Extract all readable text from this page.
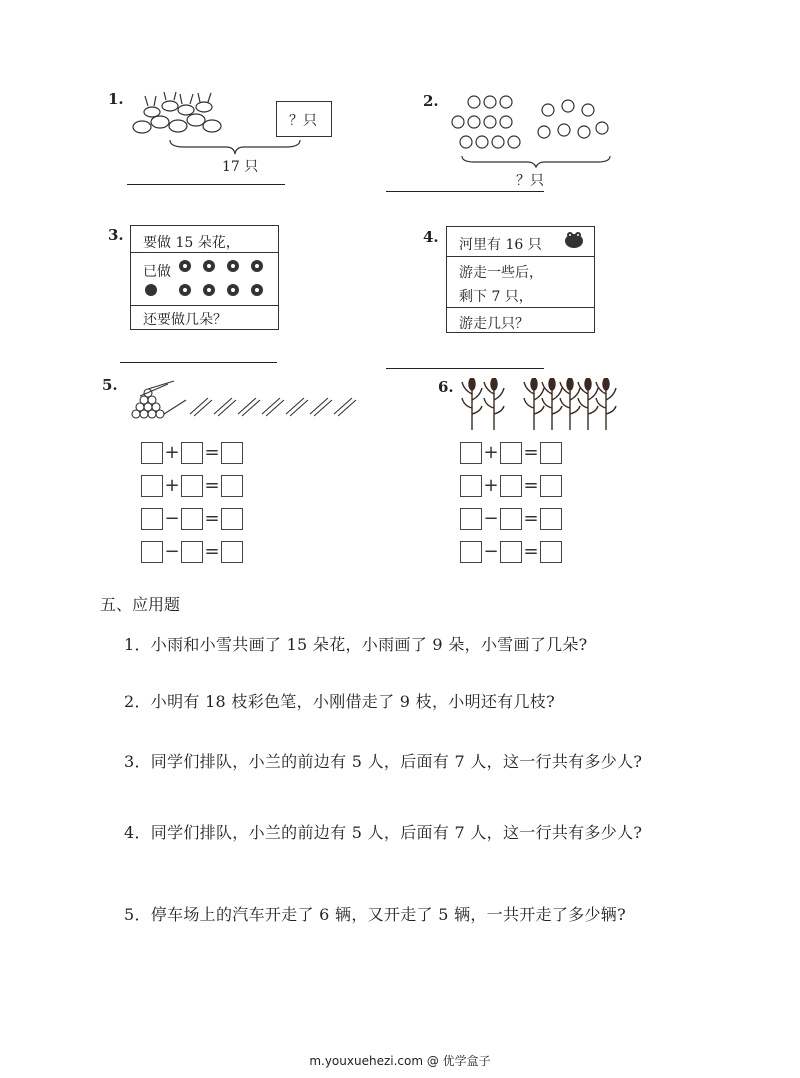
1.
？只
17 只
2.
？只
3. 要做 15 朵花，
已做
还要做几朵？
4. 河里有 16 只
游走一些后，
剩下 7 只，
游走几只？
5.
+ =
+ =
− =
− =
6.
+ =
+ =
− =
− =
五、应用题
1．小雨和小雪共画了 15 朵花，小雨画了 9 朵，小雪画了几朵?
2．小明有 18 枝彩色笔，小刚借走了 9 枝，小明还有几枝?
3．同学们排队，小兰的前边有 5 人，后面有 7 人，这一行共有多少人?
4．同学们排队，小兰的前边有 5 人，后面有 7 人，这一行共有多少人?
5．停车场上的汽车开走了 6 辆，又开走了 5 辆，一共开走了多少辆?
m.youxuehezi.com @ 优学盒子
